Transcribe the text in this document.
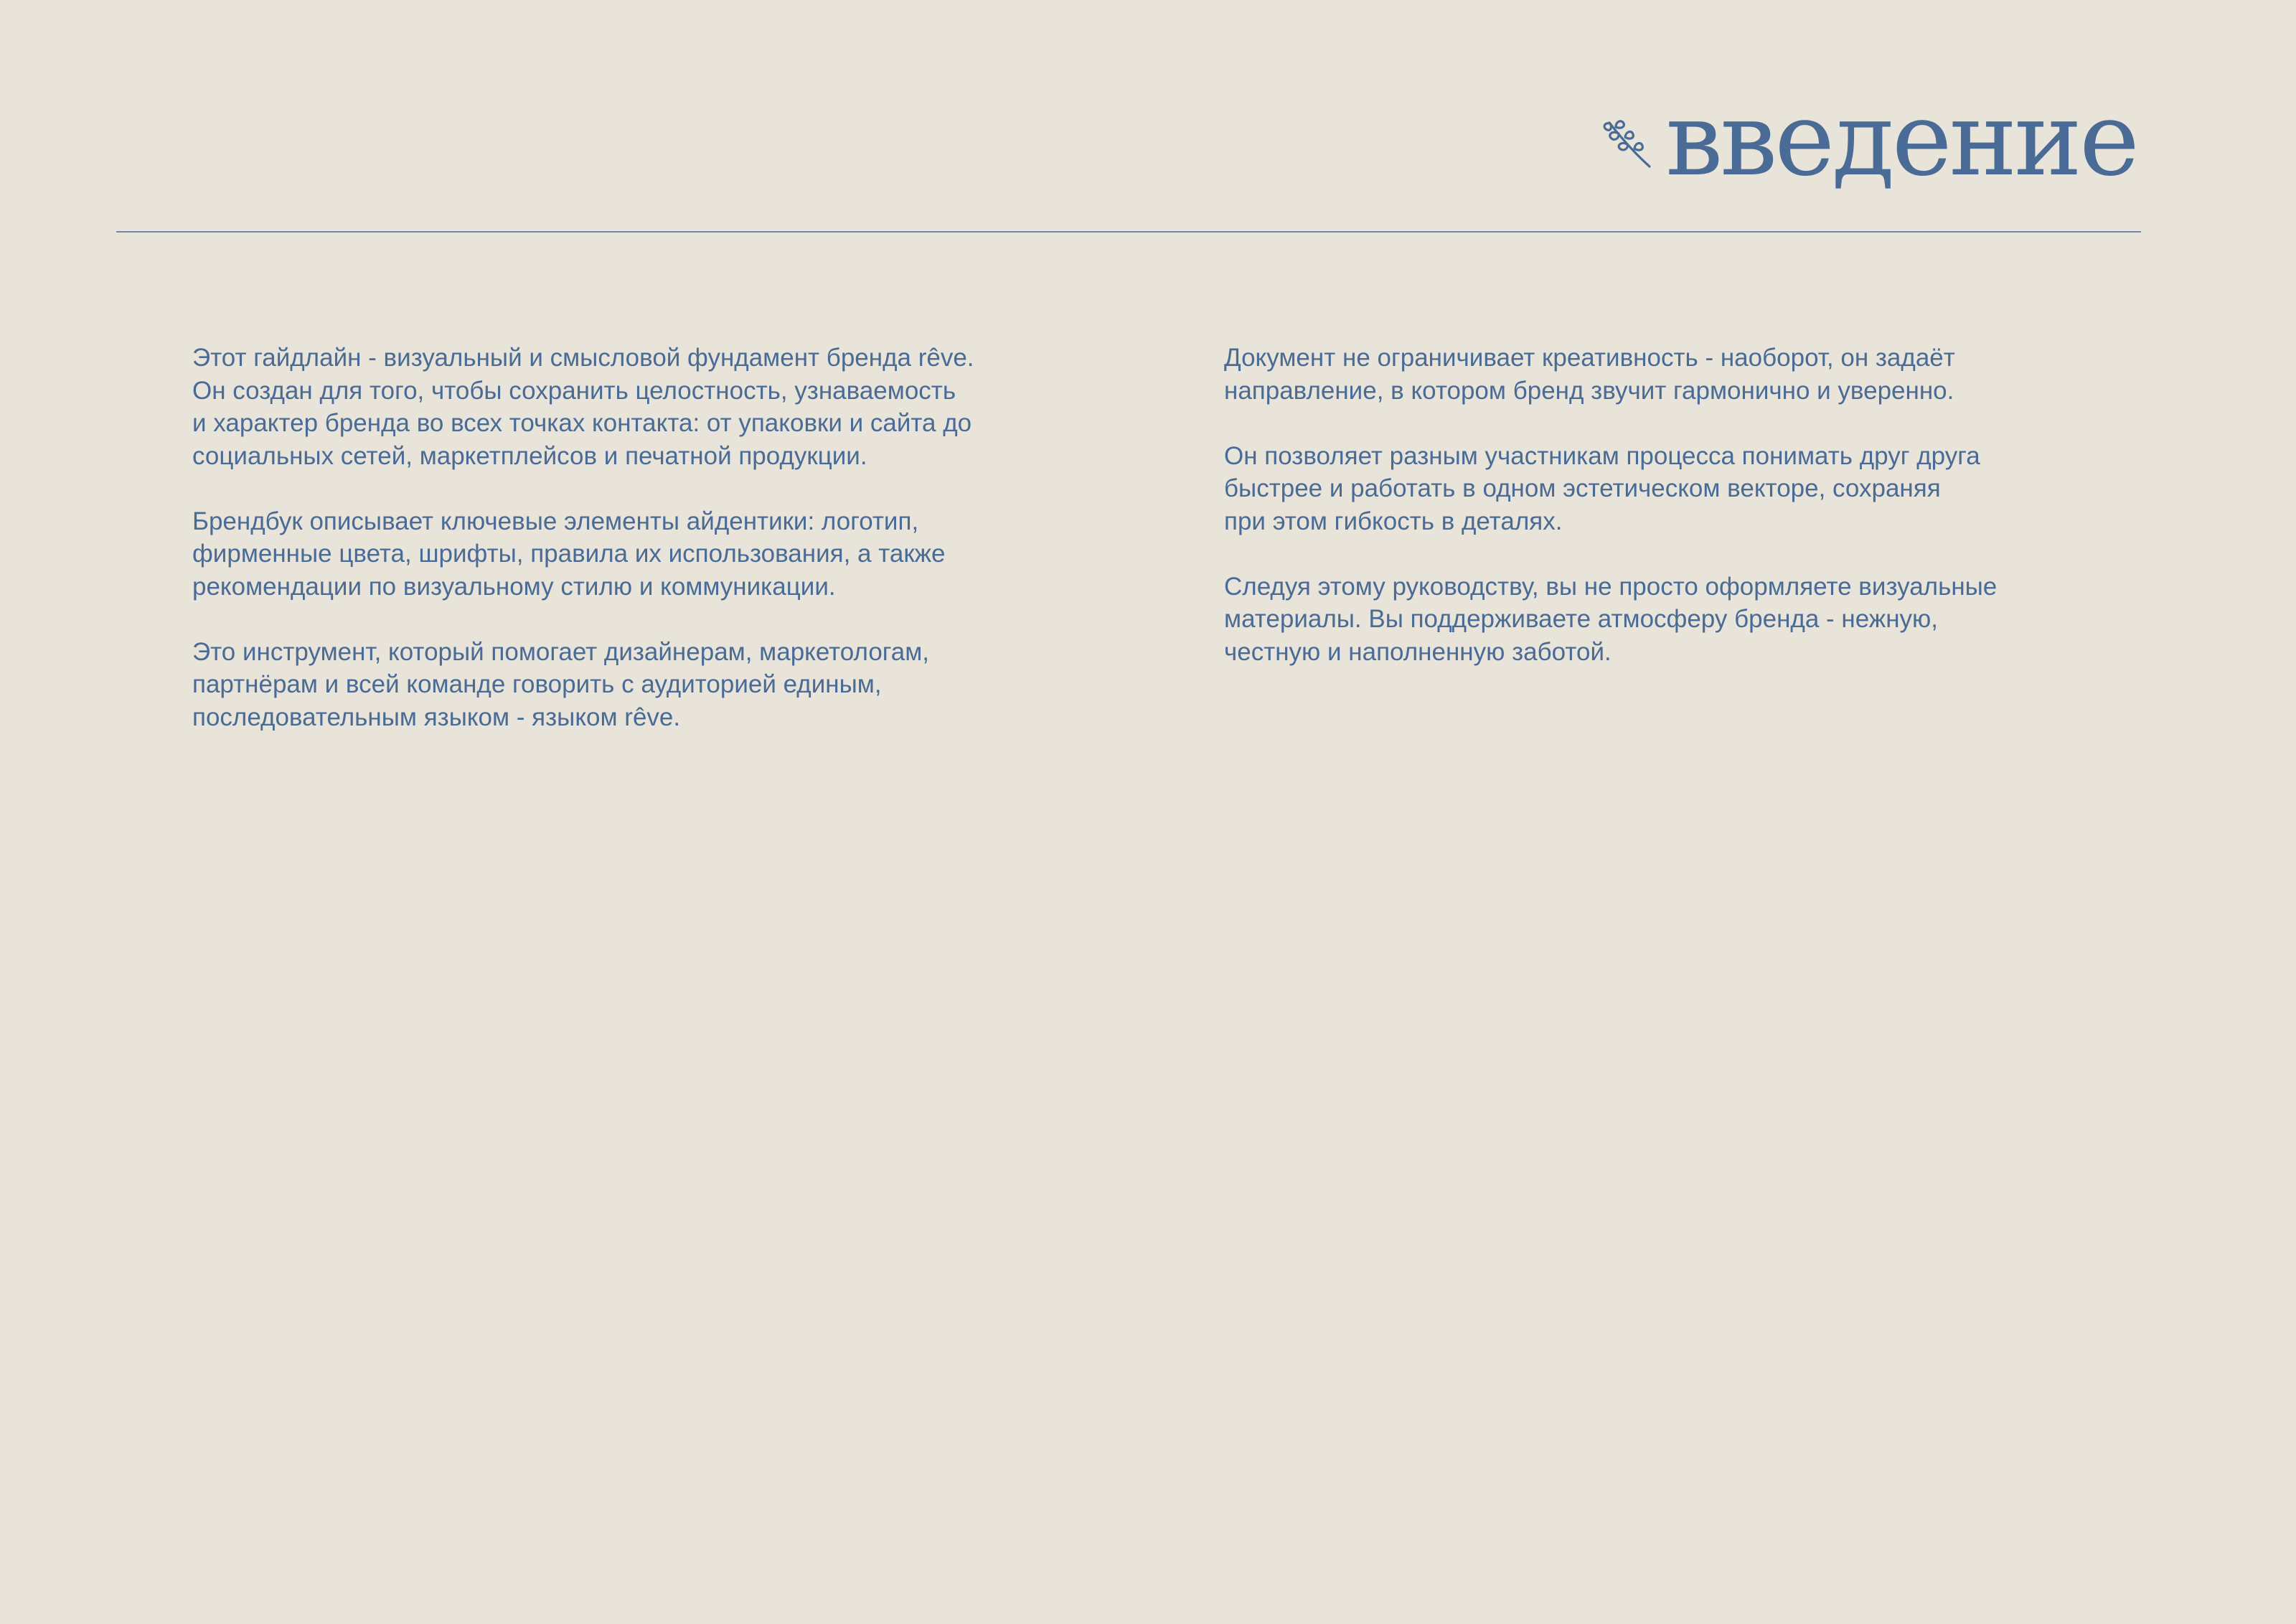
введение

Этот гайдлайн - визуальный и смысловой фундамент бренда rêve.
Он создан для того, чтобы сохранить целостность, узнаваемость
и характер бренда во всех точках контакта: от упаковки и сайта до
социальных сетей, маркетплейсов и печатной продукции.

Брендбук описывает ключевые элементы айдентики: логотип,
фирменные цвета, шрифты, правила их использования, а также
рекомендации по визуальному стилю и коммуникации.

Это инструмент, который помогает дизайнерам, маркетологам,
партнёрам и всей команде говорить с аудиторией единым,
последовательным языком - языком rêve.

Документ не ограничивает креативность - наоборот, он задаёт
направление, в котором бренд звучит гармонично и уверенно.

Он позволяет разным участникам процесса понимать друг друга
быстрее и работать в одном эстетическом векторе, сохраняя
при этом гибкость в деталях.

Следуя этому руководству, вы не просто оформляете визуальные
материалы. Вы поддерживаете атмосферу бренда - нежную,
честную и наполненную заботой.
